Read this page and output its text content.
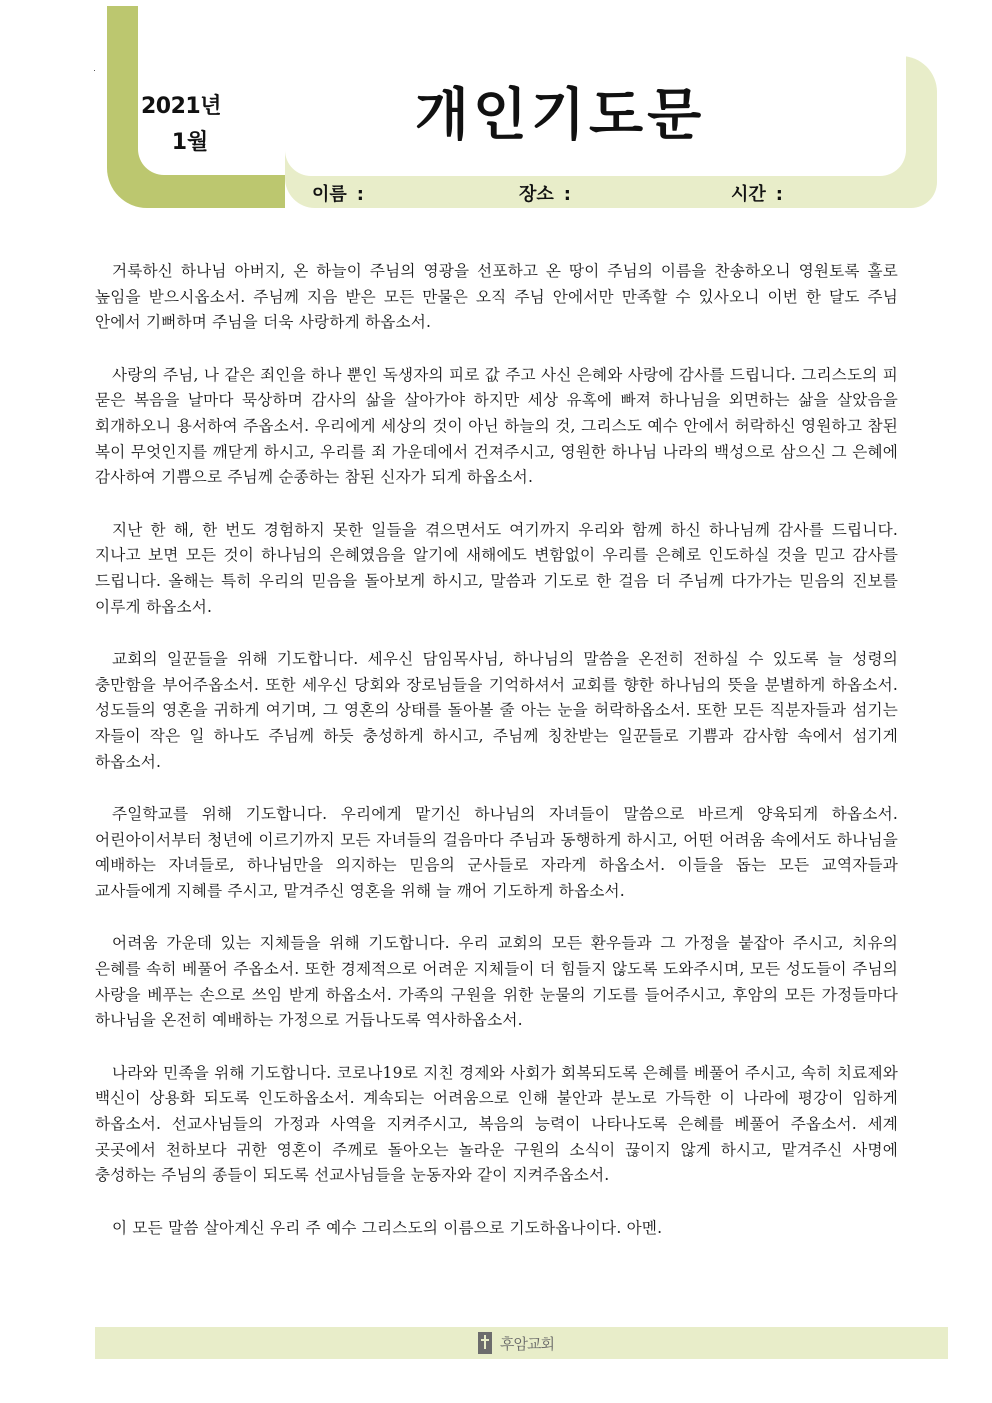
2021년
1월	개인기도문
이름 :	장소 :	시간 :

거룩하신 하나님 아버지, 온 하늘이 주님의 영광을 선포하고 온 땅이 주님의 이름을 찬송하오니 영원토록 홀로 높임을 받으시옵소서. 주님께 지음 받은 모든 만물은 오직 주님 안에서만 만족할 수 있사오니 이번 한 달도 주님 안에서 기뻐하며 주님을 더욱 사랑하게 하옵소서.

사랑의 주님, 나 같은 죄인을 하나 뿐인 독생자의 피로 값 주고 사신 은혜와 사랑에 감사를 드립니다. 그리스도의 피 묻은 복음을 날마다 묵상하며 감사의 삶을 살아가야 하지만 세상 유혹에 빠져 하나님을 외면하는 삶을 살았음을 회개하오니 용서하여 주옵소서. 우리에게 세상의 것이 아닌 하늘의 것, 그리스도 예수 안에서 허락하신 영원하고 참된 복이 무엇인지를 깨닫게 하시고, 우리를 죄 가운데에서 건져주시고, 영원한 하나님 나라의 백성으로 삼으신 그 은혜에 감사하여 기쁨으로 주님께 순종하는 참된 신자가 되게 하옵소서.

지난 한 해, 한 번도 경험하지 못한 일들을 겪으면서도 여기까지 우리와 함께 하신 하나님께 감사를 드립니다. 지나고 보면 모든 것이 하나님의 은혜였음을 알기에 새해에도 변함없이 우리를 은혜로 인도하실 것을 믿고 감사를 드립니다. 올해는 특히 우리의 믿음을 돌아보게 하시고, 말씀과 기도로 한 걸음 더 주님께 다가가는 믿음의 진보를 이루게 하옵소서.

교회의 일꾼들을 위해 기도합니다. 세우신 담임목사님, 하나님의 말씀을 온전히 전하실 수 있도록 늘 성령의 충만함을 부어주옵소서. 또한 세우신 당회와 장로님들을 기억하셔서 교회를 향한 하나님의 뜻을 분별하게 하옵소서. 성도들의 영혼을 귀하게 여기며, 그 영혼의 상태를 돌아볼 줄 아는 눈을 허락하옵소서. 또한 모든 직분자들과 섬기는 자들이 작은 일 하나도 주님께 하듯 충성하게 하시고, 주님께 칭찬받는 일꾼들로 기쁨과 감사함 속에서 섬기게 하옵소서.

주일학교를 위해 기도합니다. 우리에게 맡기신 하나님의 자녀들이 말씀으로 바르게 양육되게 하옵소서. 어린아이서부터 청년에 이르기까지 모든 자녀들의 걸음마다 주님과 동행하게 하시고, 어떤 어려움 속에서도 하나님을 예배하는 자녀들로, 하나님만을 의지하는 믿음의 군사들로 자라게 하옵소서. 이들을 돕는 모든 교역자들과 교사들에게 지혜를 주시고, 맡겨주신 영혼을 위해 늘 깨어 기도하게 하옵소서.

어려움 가운데 있는 지체들을 위해 기도합니다. 우리 교회의 모든 환우들과 그 가정을 붙잡아 주시고, 치유의 은혜를 속히 베풀어 주옵소서. 또한 경제적으로 어려운 지체들이 더 힘들지 않도록 도와주시며, 모든 성도들이 주님의 사랑을 베푸는 손으로 쓰임 받게 하옵소서. 가족의 구원을 위한 눈물의 기도를 들어주시고, 후암의 모든 가정들마다 하나님을 온전히 예배하는 가정으로 거듭나도록 역사하옵소서.

나라와 민족을 위해 기도합니다. 코로나19로 지친 경제와 사회가 회복되도록 은혜를 베풀어 주시고, 속히 치료제와 백신이 상용화 되도록 인도하옵소서. 계속되는 어려움으로 인해 불안과 분노로 가득한 이 나라에 평강이 임하게 하옵소서. 선교사님들의 가정과 사역을 지켜주시고, 복음의 능력이 나타나도록 은혜를 베풀어 주옵소서. 세계 곳곳에서 천하보다 귀한 영혼이 주께로 돌아오는 놀라운 구원의 소식이 끊이지 않게 하시고, 맡겨주신 사명에 충성하는 주님의 종들이 되도록 선교사님들을 눈동자와 같이 지켜주옵소서.

이 모든 말씀 살아계신 우리 주 예수 그리스도의 이름으로 기도하옵나이다. 아멘.

후암교회
